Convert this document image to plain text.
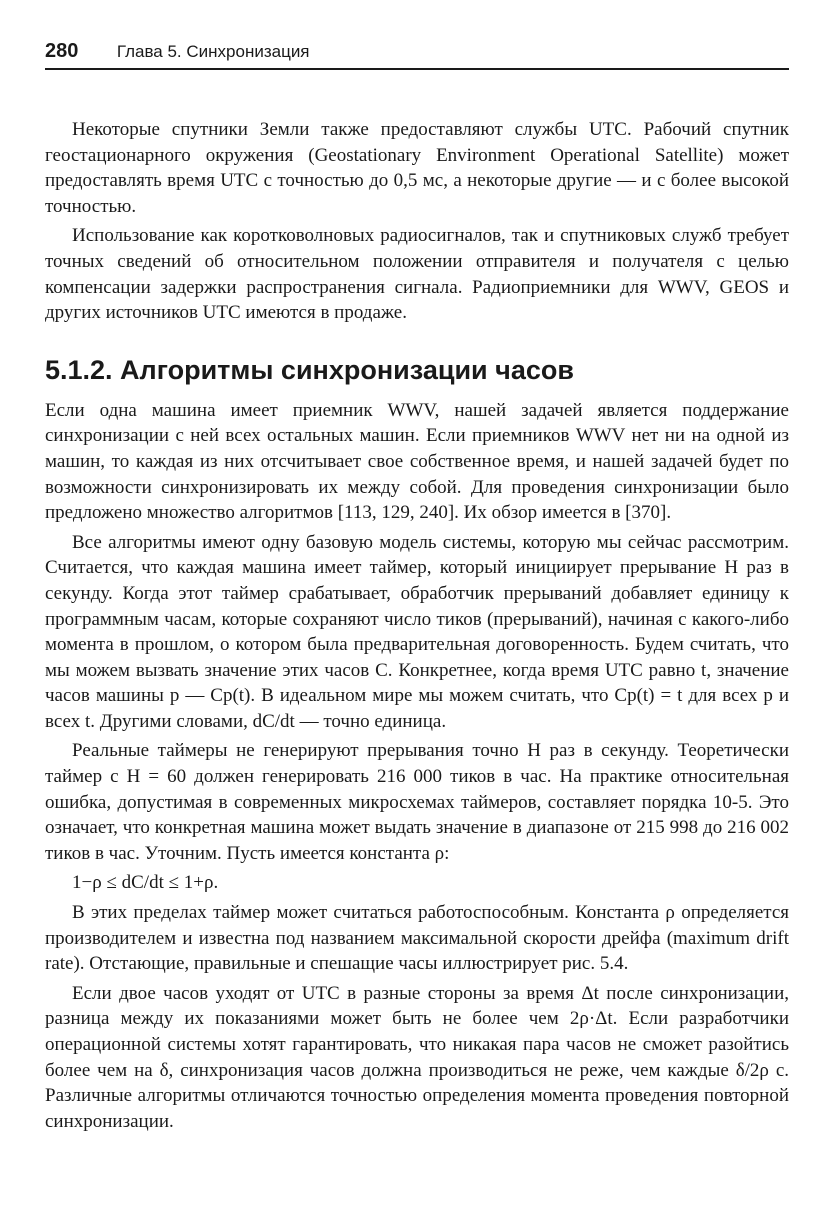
280 Глава 5. Синхронизация

Некоторые спутники Земли также предоставляют службы UTC. Рабочий спутник геостационарного окружения (Geostationary Environment Operational Satellite) может предоставлять время UTC с точностью до 0,5 мс, а некоторые другие — и с более высокой точностью.

Использование как коротковолновых радиосигналов, так и спутниковых служб требует точных сведений об относительном положении отправителя и получателя с целью компенсации задержки распространения сигнала. Радиоприемники для WWV, GEOS и других источников UTC имеются в продаже.

5.1.2. Алгоритмы синхронизации часов

Если одна машина имеет приемник WWV, нашей задачей является поддержание синхронизации с ней всех остальных машин. Если приемников WWV нет ни на одной из машин, то каждая из них отсчитывает свое собственное время, и нашей задачей будет по возможности синхронизировать их между собой. Для проведения синхронизации было предложено множество алгоритмов [113, 129, 240]. Их обзор имеется в [370].

Все алгоритмы имеют одну базовую модель системы, которую мы сейчас рассмотрим. Считается, что каждая машина имеет таймер, который инициирует прерывание H раз в секунду. Когда этот таймер срабатывает, обработчик прерываний добавляет единицу к программным часам, которые сохраняют число тиков (прерываний), начиная с какого-либо момента в прошлом, о котором была предварительная договоренность. Будем считать, что мы можем вызвать значение этих часов C. Конкретнее, когда время UTC равно t, значение часов машины p — Cp(t). В идеальном мире мы можем считать, что Cp(t) = t для всех p и всех t. Другими словами, dC/dt — точно единица.

Реальные таймеры не генерируют прерывания точно H раз в секунду. Теоретически таймер с H = 60 должен генерировать 216 000 тиков в час. На практике относительная ошибка, допустимая в современных микросхемах таймеров, составляет порядка 10-5. Это означает, что конкретная машина может выдать значение в диапазоне от 215 998 до 216 002 тиков в час. Уточним. Пусть имеется константа ρ:

1−ρ ≤ dC/dt ≤ 1+ρ.

В этих пределах таймер может считаться работоспособным. Константа ρ определяется производителем и известна под названием максимальной скорости дрейфа (maximum drift rate). Отстающие, правильные и спешащие часы иллюстрирует рис. 5.4.

Если двое часов уходят от UTC в разные стороны за время Δt после синхронизации, разница между их показаниями может быть не более чем 2ρ·Δt. Если разработчики операционной системы хотят гарантировать, что никакая пара часов не сможет разойтись более чем на δ, синхронизация часов должна производиться не реже, чем каждые δ/2ρ с. Различные алгоритмы отличаются точностью определения момента проведения повторной синхронизации.
